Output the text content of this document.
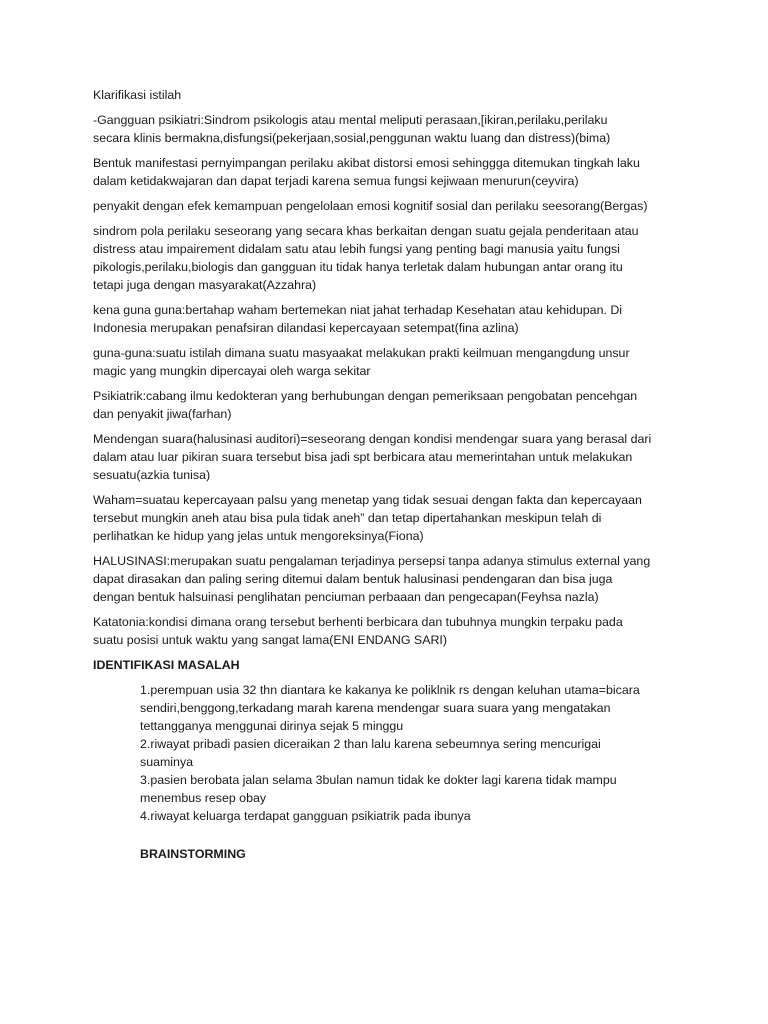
Klarifikasi istilah
-Gangguan psikiatri:Sindrom psikologis atau mental meliputi perasaan,[ikiran,perilaku,perilaku
secara klinis bermakna,disfungsi(pekerjaan,sosial,penggunan waktu luang dan distress)(bima)
Bentuk manifestasi pernyimpangan perilaku akibat distorsi emosi sehinggga ditemukan tingkah laku
dalam ketidakwajaran dan dapat terjadi karena semua fungsi kejiwaan menurun(ceyvira)
penyakit dengan efek kemampuan pengelolaan emosi kognitif sosial dan perilaku seesorang(Bergas)
sindrom pola perilaku seseorang yang secara khas berkaitan dengan suatu gejala penderitaan atau
distress atau impairement didalam satu atau lebih fungsi yang penting bagi manusia yaitu fungsi
pikologis,perilaku,biologis dan gangguan itu tidak hanya terletak dalam hubungan antar orang itu
tetapi juga dengan masyarakat(Azzahra)
kena guna guna:bertahap waham bertemekan niat jahat terhadap Kesehatan atau kehidupan. Di
Indonesia merupakan penafsiran dilandasi kepercayaan setempat(fina azlina)
guna-guna:suatu istilah dimana suatu masyaakat melakukan prakti keilmuan mengangdung unsur
magic yang mungkin dipercayai oleh warga sekitar
Psikiatrik:cabang ilmu kedokteran yang berhubungan dengan pemeriksaan pengobatan pencehgan
dan penyakit jiwa(farhan)
Mendengan suara(halusinasi auditori)=seseorang dengan kondisi mendengar suara yang berasal dari
dalam atau luar pikiran suara tersebut bisa jadi spt berbicara atau memerintahan untuk melakukan
sesuatu(azkia tunisa)
Waham=suatau kepercayaan palsu yang menetap yang tidak sesuai dengan fakta dan kepercayaan
tersebut mungkin aneh atau bisa pula tidak aneh” dan tetap dipertahankan meskipun telah di
perlihatkan ke hidup yang jelas untuk mengoreksinya(Fiona)
HALUSINASI:merupakan suatu pengalaman terjadinya persepsi tanpa adanya stimulus external yang
dapat dirasakan dan paling sering ditemui dalam bentuk halusinasi pendengaran dan bisa juga
dengan bentuk halsuinasi penglihatan penciuman perbaaan dan pengecapan(Feyhsa nazla)
Katatonia:kondisi dimana orang tersebut berhenti berbicara dan tubuhnya mungkin terpaku pada
suatu posisi untuk waktu yang sangat lama(ENI ENDANG SARI)
IDENTIFIKASI MASALAH
1.perempuan usia 32 thn diantara ke kakanya ke poliklnik rs dengan keluhan utama=bicara
sendiri,benggong,terkadang marah karena mendengar suara suara yang mengatakan
tettangganya menggunai dirinya sejak 5 minggu
2.riwayat pribadi pasien diceraikan 2 than lalu karena sebeumnya sering mencurigai
suaminya
3.pasien berobata jalan selama 3bulan namun tidak ke dokter lagi karena tidak mampu
menembus resep obay
4.riwayat keluarga terdapat gangguan psikiatrik pada ibunya
BRAINSTORMING
